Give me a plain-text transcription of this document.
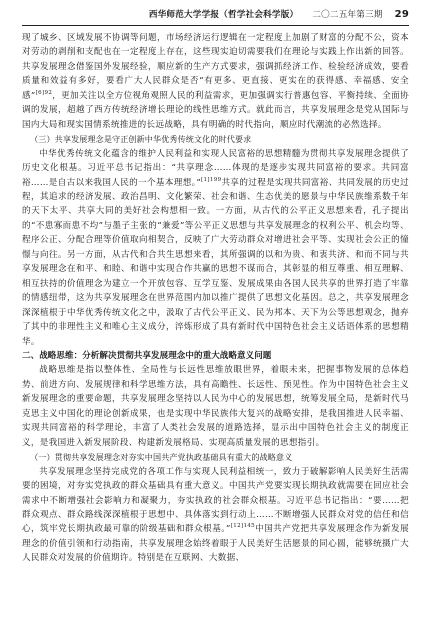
西华师范大学学报（哲学社会科学版） 二〇二五年第三期 29
现了城乡、区域发展不协调等问题，市场经济运行逻辑在一定程度上加剧了财富的分配不公，资本对劳动的剥削和支配也在一定程度上存在，这些现实迫切需要我们在理论与实践上作出新的回答。共享发展理念借鉴国外发展经验，顺应新的生产方式要求，强调抓经济工作、检验经济成效，要看质量和效益有多好，要看广大人民群众是否“有更多、更直接、更实在的获得感、幸福感、安全感”$^{[6]92}$，更加关注以全方位视角观照人民的利益需求，更加强调实行普惠包容、平衡持续、全面协调的发展，超越了西方传统经济增长理论的线性思维方式。就此而言，共享发展理念是党从国际与国内大局和现实国情系统推进的长远战略，具有明确的时代指向，顺应时代潮流的必然选择。
（三）共享发展理念是守正创新中华优秀传统文化的时代要求
中华优秀传统文化蕴含的维护人民利益和实现人民富裕的思想精髓为贯彻共享发展理念提供了历史文化根基。习近平总书记指出：“共享理念……体现的是逐步实现共同富裕的要求。共同富裕……是自古以来我国人民的一个基本理想。”$^{[1]199}$共享的过程是实现共同富裕、共同发展的历史过程，其追求的经济发展、政治昌明、文化繁荣、社会和谐、生态优美的愿景与中华民族维系数千年的天下太平、共享大同的美好社会构想相一致。一方面，从古代的公平正义思想来看，孔子提出的“不患寡而患不均”与墨子主张的“兼爱”等公平正义思想与共享发展理念的权利公平、机会均等、程序公正、分配合理等价值取向相契合，反映了广大劳动群众对增进社会平等、实现社会公正的憧憬与向往。另一方面，从古代和合共生思想来看，其所强调的以和为贵、和衷共济、和而不同与共享发展理念在和平、和睦、和谐中实现合作共赢的思想不谋而合，其彰显的相互尊重、相互理解、相互扶持的价值理念为建立一个开放包容、互学互鉴、发展成果由各国人民共享的世界打造了牢靠的情感纽带，这为共享发展理念在世界范围内加以推广提供了思想文化基因。总之，共享发展理念深深植根于中华优秀传统文化之中，汲取了古代公平正义、民为邦本、天下为公等思想观念，抛弃了其中的非理性主义和唯心主义成分，淬炼形成了具有新时代中国特色社会主义话语体系的思想精华。
二、战略思维：分析解决贯彻共享发展理念中的重大战略意义问题
战略思维是指以整体性、全局性与长远性思维放眼世界，着眼未来，把握事物发展的总体趋势、前进方向、发展规律和科学思维方法，具有高瞻性、长远性、预见性。作为中国特色社会主义新发展理念的重要命题，共享发展理念坚持以人民为中心的发展思想，统筹发展全局，是新时代马克思主义中国化的理论创新成果，也是实现中华民族伟大复兴的战略安排，是我国推进人民幸福、实现共同富裕的科学理论，丰富了人类社会发展的道路选择，显示出中国特色社会主义的制度正义，是我国进入新发展阶段、构建新发展格局、实现高质量发展的思想指引。
（一）贯彻共享发展理念对夯实中国共产党执政基础具有重大的战略意义
共享发展理念坚持完成党的各项工作与实现人民利益相统一，致力于破解影响人民美好生活需要的困境，对夯实党执政的群众基础具有重大意义。中国共产党要实现长期执政就需要在回应社会需求中不断增强社会影响力和凝聚力，夯实执政的社会群众根基。习近平总书记指出：“要……把群众观点、群众路线深深植根于思想中、具体落实到行动上……不断增强人民群众对党的信任和信心，筑牢党长期执政最可靠的阶级基础和群众根基。”$^{[12]145}$中国共产党把共享发展理念作为新发展理念的价值引领和行动指南，共享发展理念始终着眼于人民美好生活愿景的同心圆，能够统摄广大人民群众对发展的价值期许。特别是在互联网、大数据、
